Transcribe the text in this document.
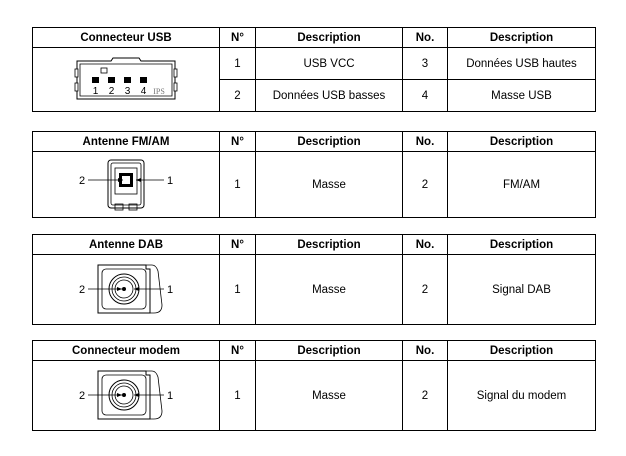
Connecteur USB	N°	Description	No.	Description

1 2 3 4 IPS	1	USB VCC	3	Données USB hautes
	2	Données USB basses	4	Masse USB
Antenne FM/AM	N°	Description	No.	Description

2 1	1	Masse	2	FM/AM
Antenne DAB	N°	Description	No.	Description

2 1	1	Masse	2	Signal DAB
Connecteur modem	N°	Description	No.	Description

2 1	1	Masse	2	Signal du modem
